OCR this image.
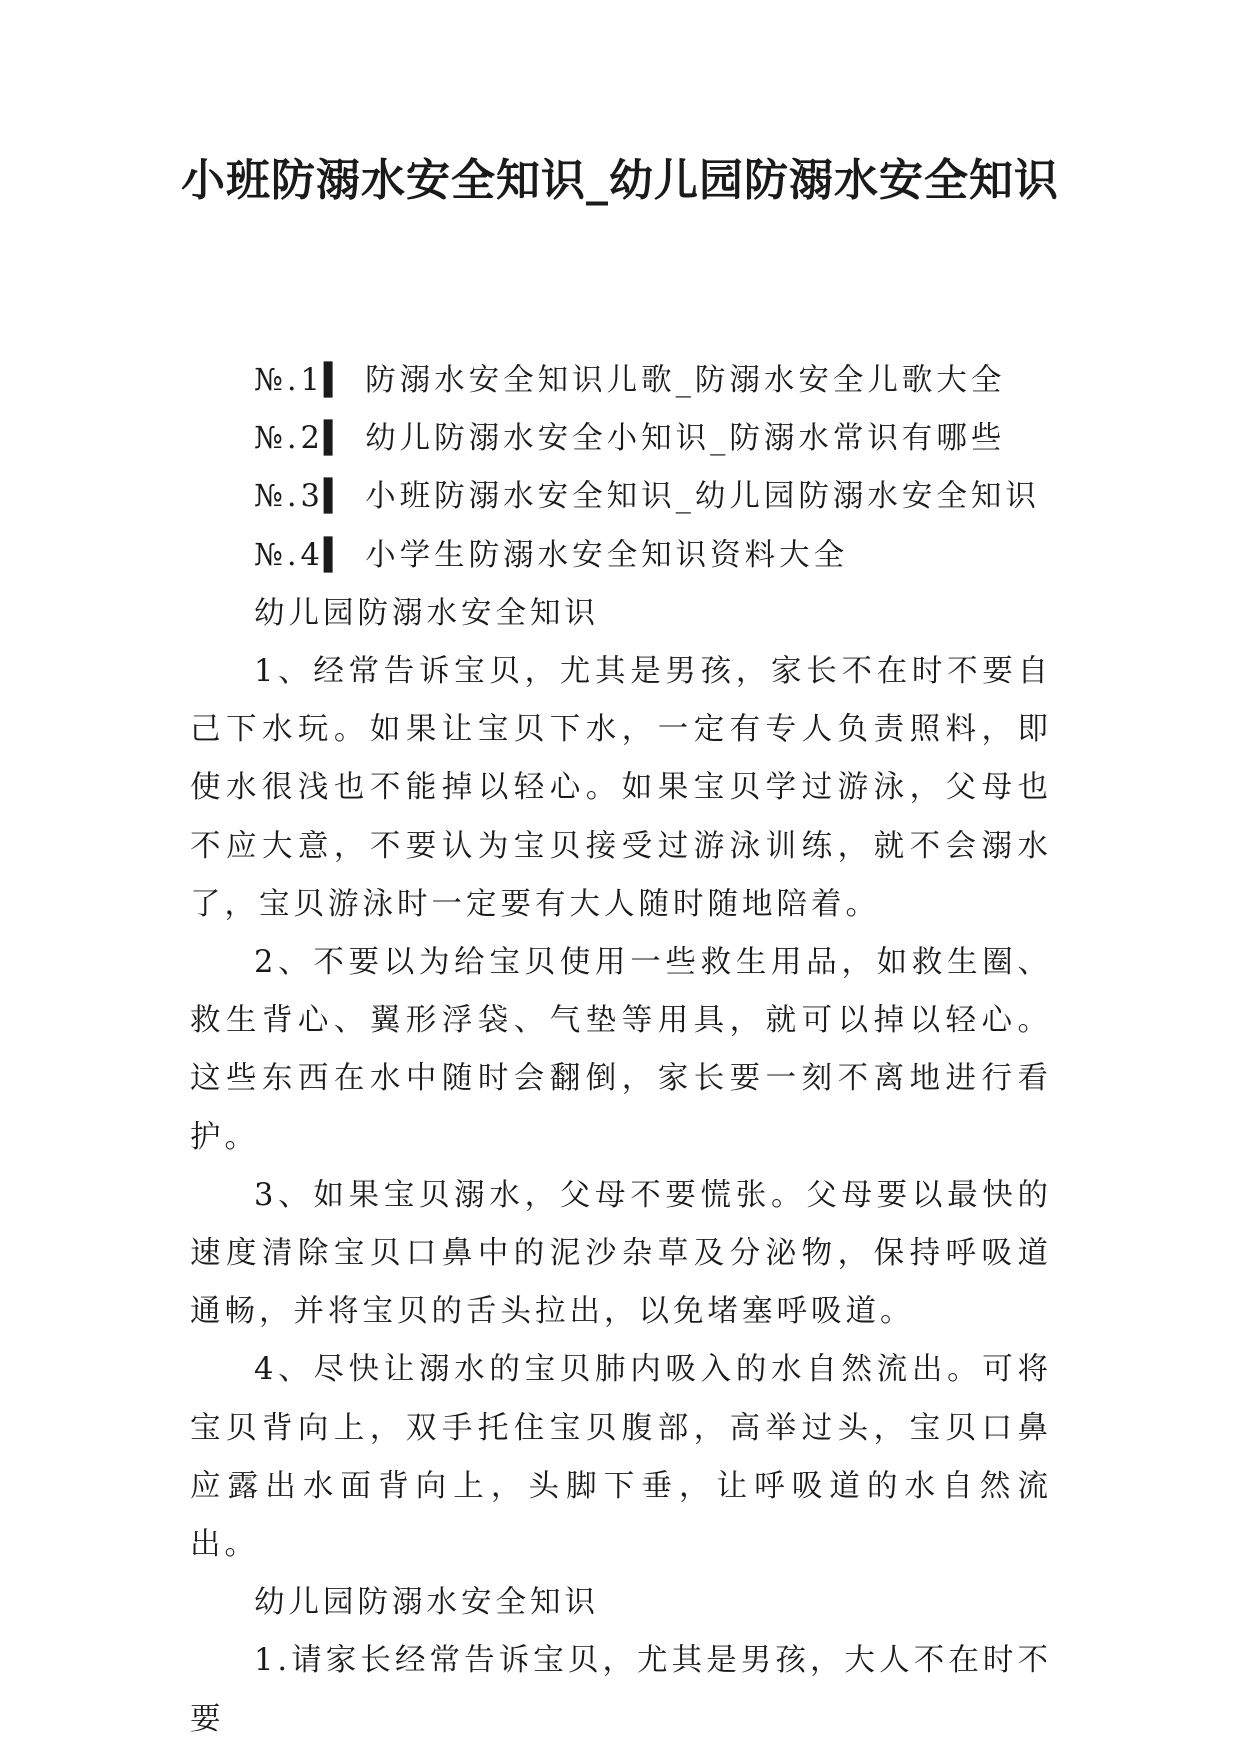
小班防溺水安全知识_幼儿园防溺水安全知识
№.1▍ 防溺水安全知识儿歌_防溺水安全儿歌大全
№.2▍ 幼儿防溺水安全小知识_防溺水常识有哪些
№.3▍ 小班防溺水安全知识_幼儿园防溺水安全知识
№.4▍ 小学生防溺水安全知识资料大全
幼儿园防溺水安全知识

1、经常告诉宝贝，尤其是男孩，家长不在时不要自己下水玩。如果让宝贝下水，一定有专人负责照料，即使水很浅也不能掉以轻心。如果宝贝学过游泳，父母也不应大意，不要认为宝贝接受过游泳训练，就不会溺水了，宝贝游泳时一定要有大人随时随地陪着。

2、不要以为给宝贝使用一些救生用品，如救生圈、救生背心、翼形浮袋、气垫等用具，就可以掉以轻心。这些东西在水中随时会翻倒，家长要一刻不离地进行看护。

3、如果宝贝溺水，父母不要慌张。父母要以最快的速度清除宝贝口鼻中的泥沙杂草及分泌物，保持呼吸道通畅，并将宝贝的舌头拉出，以免堵塞呼吸道。

4、尽快让溺水的宝贝肺内吸入的水自然流出。可将宝贝背向上，双手托住宝贝腹部，高举过头，宝贝口鼻应露出水面背向上，头脚下垂，让呼吸道的水自然流出。

幼儿园防溺水安全知识

1.请家长经常告诉宝贝，尤其是男孩，大人不在时不要
